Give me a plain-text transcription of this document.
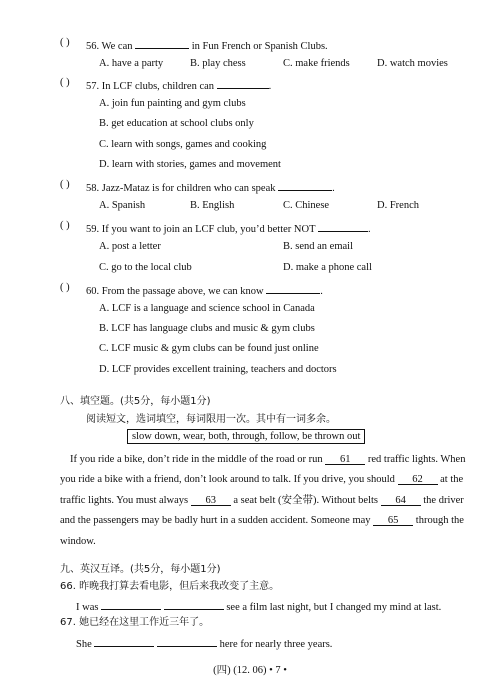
( ) 56. We can	in Fun French or Spanish Clubs.
A. have a party	B. play chess	C. make friends	D. watch movies
( ) 57. In LCF clubs, children can	.
A. join fun painting and gym clubs
B. get education at school clubs only
C. learn with songs, games and cooking
D. learn with stories, games and movement
( ) 58. Jazz-Mataz is for children who can speak	.
A. Spanish	B. English	C. Chinese	D. French
( ) 59. If you want to join an LCF club, you’d better NOT	.
A. post a letter	B. send an email
C. go to the local club	D. make a phone call
( ) 60. From the passage above, we can know	.
A. LCF is a language and science school in Canada
B. LCF has language clubs and music & gym clubs
C. LCF music & gym clubs can be found just online
D. LCF provides excellent training, teachers and doctors
八、填空题。(共5分，每小题1分)
阅读短文，选词填空，每词限用一次。其中有一词多余。
slow down, wear, both, through, follow, be thrown out
If you ride a bike, don’t ride in the middle of the road or run 61 red traffic lights. When
you ride a bike with a friend, don’t look around to talk. If you drive, you should 62 at the
traffic lights. You must always 63 a seat belt (安全带). Without belts 64 the driver
and the passengers may be badly hurt in a sudden accident. Someone may 65 through the
window.
九、英汉互译。(共5分，每小题1分)
66. 昨晚我打算去看电影，但后来我改变了主意。
I was	see a film last night, but I changed my mind at last.
67. 她已经在这里工作近三年了。
She	here for nearly three years.
(四) (12. 06) • 7 •
